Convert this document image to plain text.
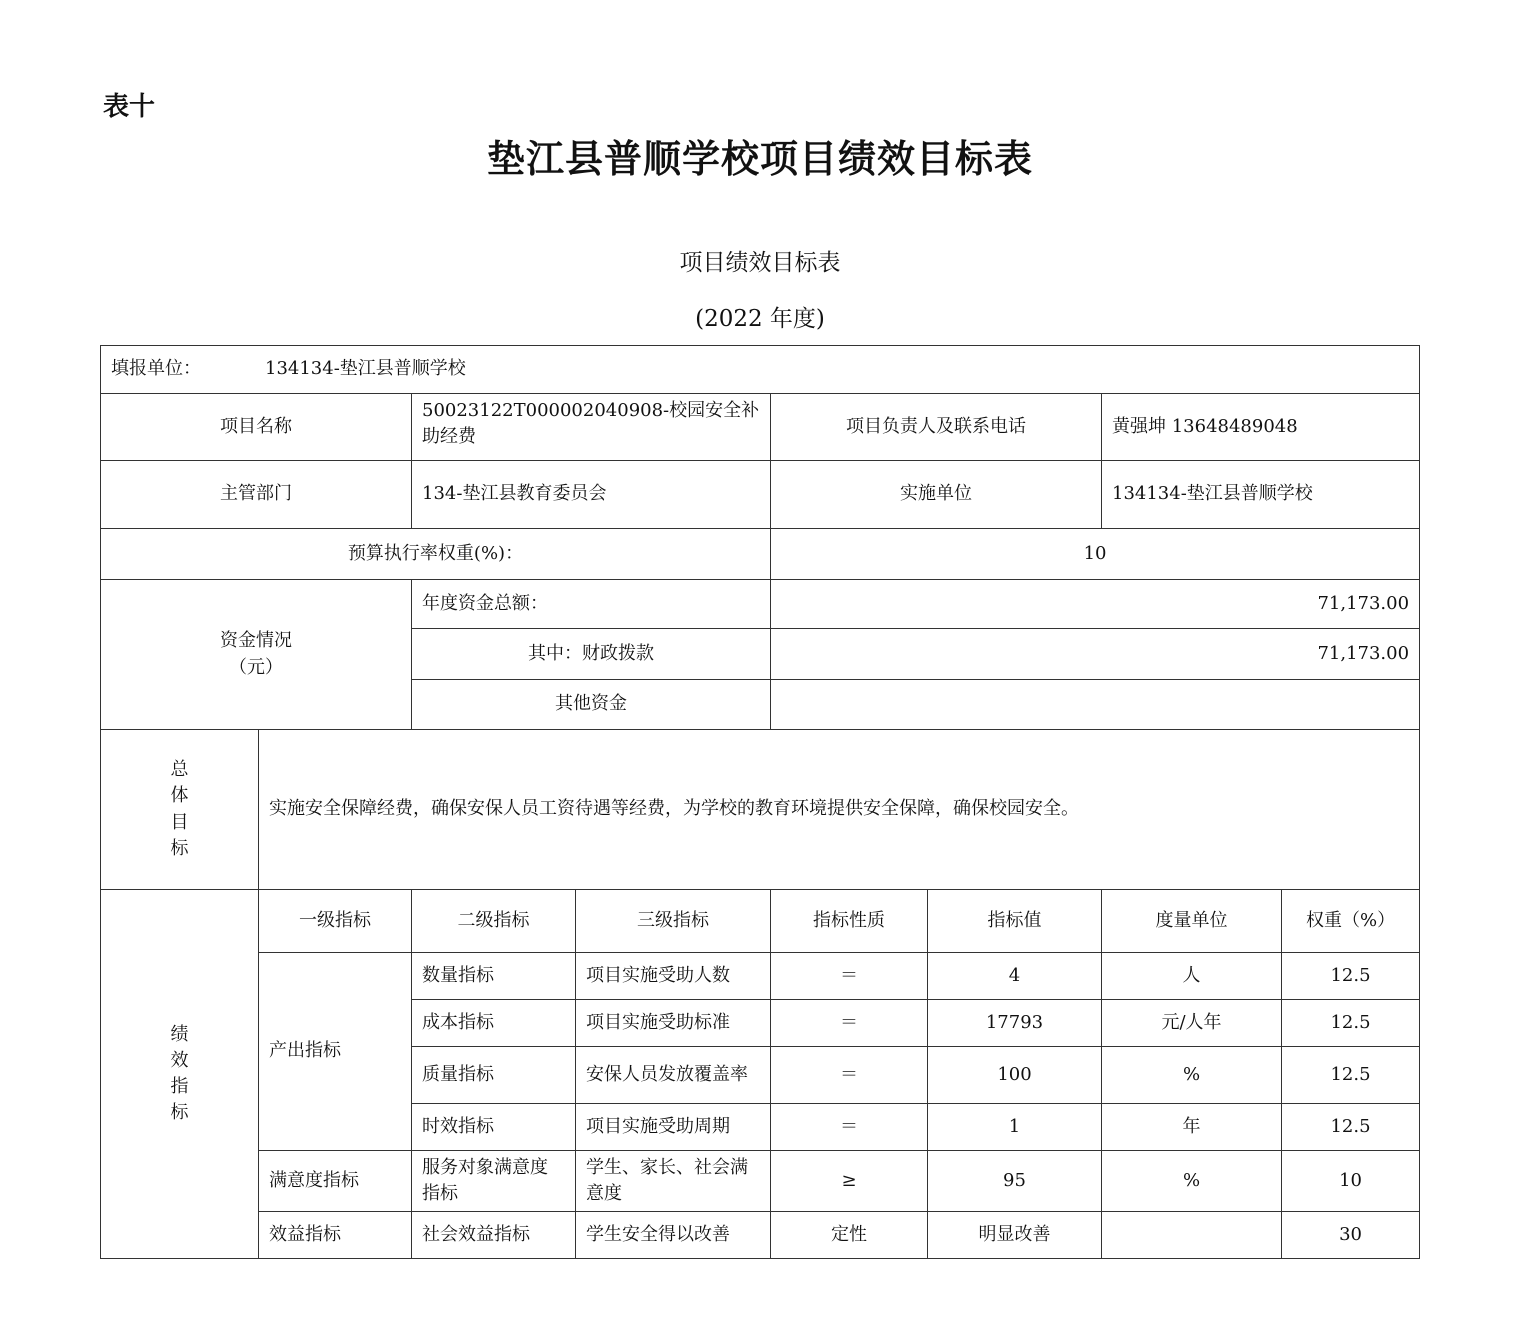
表十
垫江县普顺学校项目绩效目标表
项目绩效目标表
(2022 年度)
填报单位： 134134-垫江县普顺学校							
项目名称		50023122T000002040908-校园安全补助经费		项目负责人及联系电话		黄强坤 13648489048	
主管部门		134-垫江县教育委员会		实施单位		134134-垫江县普顺学校	
预算执行率权重(%)：				10			

资金情况
（元）		年度资金总额：		71,173.00			
		其中：财政拨款		71,173.00			
		其他资金					

总
体
目
标	实施安全保障经费，确保安保人员工资待遇等经费，为学校的教育环境提供安全保障，确保校园安全。						

绩
效
指
标	一级指标	二级指标	三级指标	指标性质	指标值	度量单位	权重（%）
	产出指标	数量指标	项目实施受助人数	＝	4	人	12.5
		成本指标	项目实施受助标准	＝	17793	元/人年	12.5
		质量指标	安保人员发放覆盖率	＝	100	%	12.5
		时效指标	项目实施受助周期	＝	1	年	12.5
	满意度指标	服务对象满意度指标	学生、家长、社会满意度	≥	95	%	10
	效益指标	社会效益指标	学生安全得以改善	定性	明显改善		30
